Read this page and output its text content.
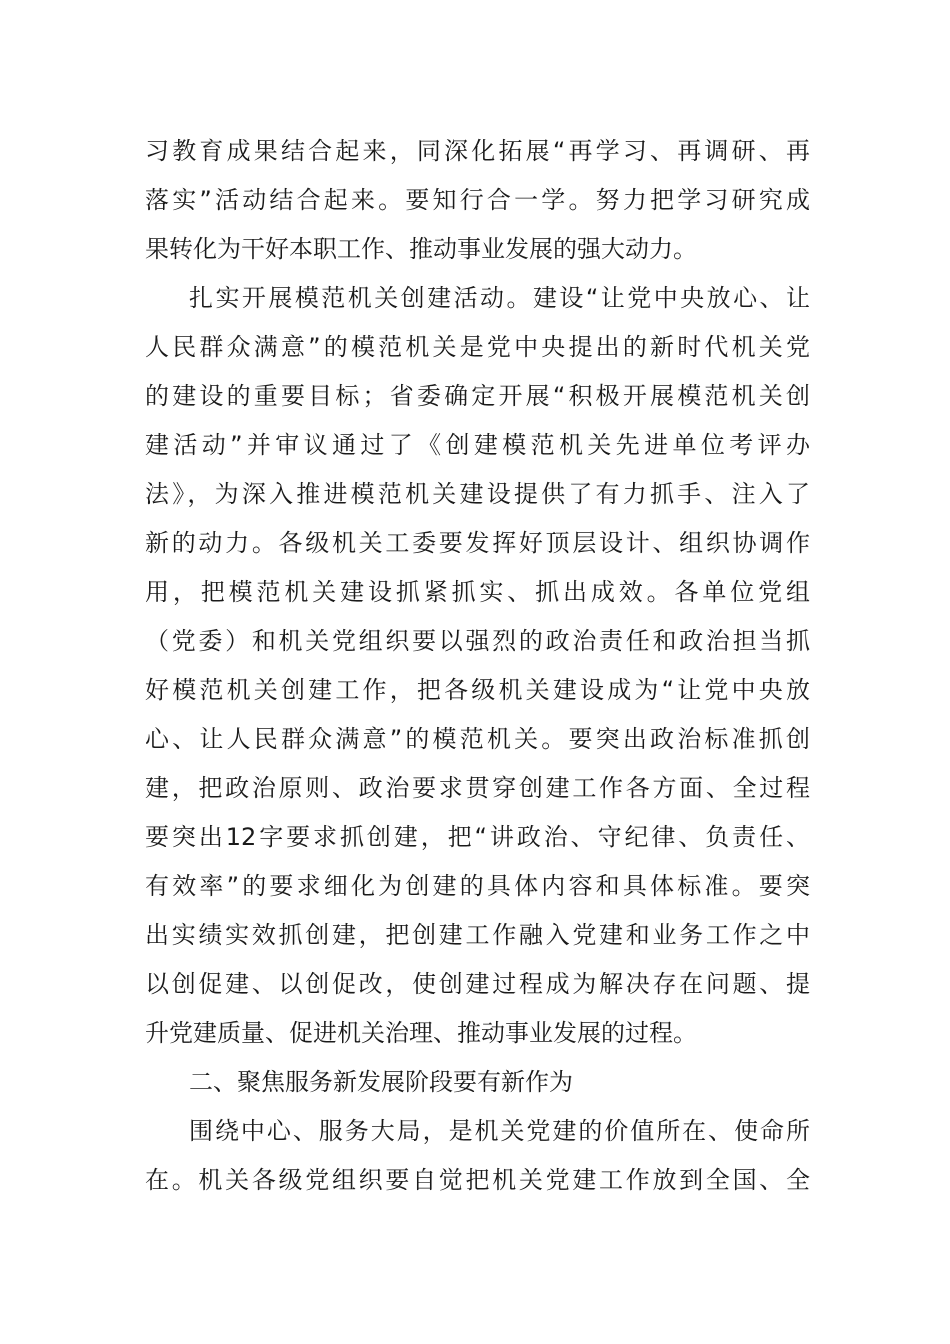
习教育成果结合起来，同深化拓展“再学习、再调研、再
落实”活动结合起来。要知行合一学。努力把学习研究成
果转化为干好本职工作、推动事业发展的强大动力。
扎实开展模范机关创建活动。建设“让党中央放心、让
人民群众满意”的模范机关是党中央提出的新时代机关党
的建设的重要目标；省委确定开展“积极开展模范机关创
建活动”并审议通过了《创建模范机关先进单位考评办
法》，为深入推进模范机关建设提供了有力抓手、注入了
新的动力。各级机关工委要发挥好顶层设计、组织协调作
用，把模范机关建设抓紧抓实、抓出成效。各单位党组
（党委）和机关党组织要以强烈的政治责任和政治担当抓
好模范机关创建工作，把各级机关建设成为“让党中央放
心、让人民群众满意”的模范机关。要突出政治标准抓创
建，把政治原则、政治要求贯穿创建工作各方面、全过程
要突出12字要求抓创建，把“讲政治、守纪律、负责任、
有效率”的要求细化为创建的具体内容和具体标准。要突
出实绩实效抓创建，把创建工作融入党建和业务工作之中
以创促建、以创促改，使创建过程成为解决存在问题、提
升党建质量、促进机关治理、推动事业发展的过程。
二、聚焦服务新发展阶段要有新作为
围绕中心、服务大局，是机关党建的价值所在、使命所
在。机关各级党组织要自觉把机关党建工作放到全国、全
